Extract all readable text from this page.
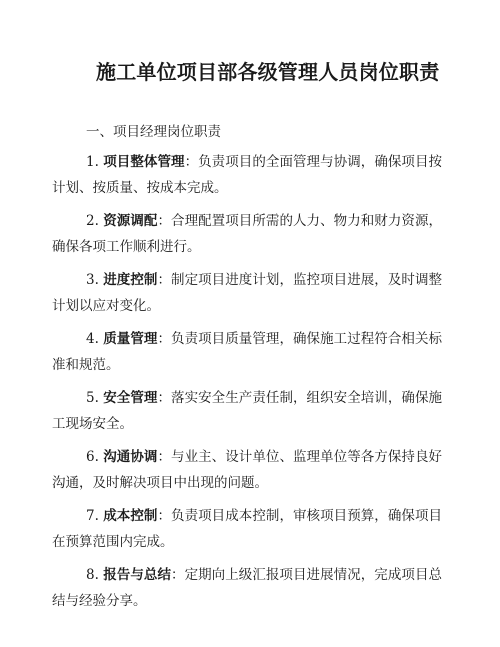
施工单位项目部各级管理人员岗位职责
一、项目经理岗位职责
1. 项目整体管理：负责项目的全面管理与协调，确保项目按计划、按质量、按成本完成。
2. 资源调配：合理配置项目所需的人力、物力和财力资源，确保各项工作顺利进行。
3. 进度控制：制定项目进度计划，监控项目进展，及时调整计划以应对变化。
4. 质量管理：负责项目质量管理，确保施工过程符合相关标准和规范。
5. 安全管理：落实安全生产责任制，组织安全培训，确保施工现场安全。
6. 沟通协调：与业主、设计单位、监理单位等各方保持良好沟通，及时解决项目中出现的问题。
7. 成本控制：负责项目成本控制，审核项目预算，确保项目在预算范围内完成。
8. 报告与总结：定期向上级汇报项目进展情况，完成项目总结与经验分享。
